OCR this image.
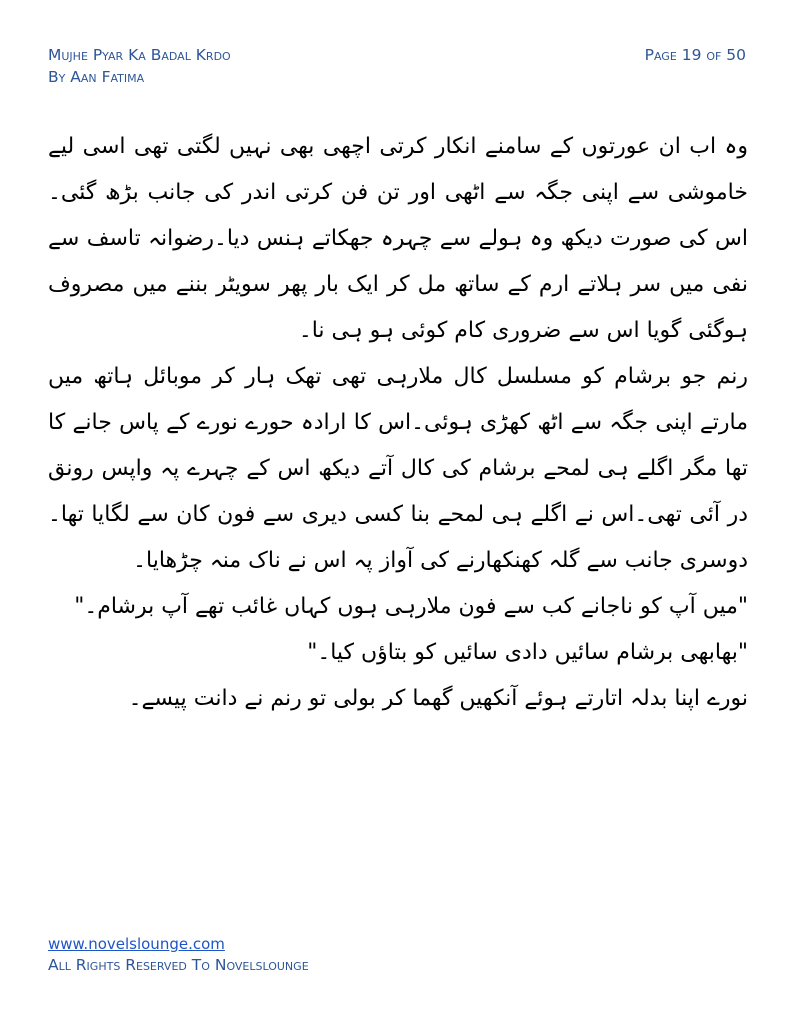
Mujhe Pyar Ka Badal Krdo
By Aan Fatima
Page 19 of 50

وہ اب ان عورتوں کے سامنے انکار کرتی اچھی بھی نہیں لگتی تھی اسی لیے خاموشی سے اپنی جگہ سے اٹھی اور تن فن کرتی اندر کی جانب بڑھ گئی۔اس کی صورت دیکھ وہ ہولے سے چہرہ جھکاتے ہنس دیا۔رضوانہ تاسف سے نفی میں سر ہلاتے ارم کے ساتھ مل کر ایک بار پھر سویٹر بننے میں مصروف ہوگئی گویا اس سے ضروری کام کوئی ہو ہی نا۔

رنم جو برشام کو مسلسل کال ملارہی تھی تھک ہار کر موبائل ہاتھ میں مارتے اپنی جگہ سے اٹھ کھڑی ہوئی۔اس کا ارادہ حورے نورے کے پاس جانے کا تھا مگر اگلے ہی لمحے برشام کی کال آتے دیکھ اس کے چہرے پہ واپس رونق در آئی تھی۔اس نے اگلے ہی لمحے بنا کسی دیری سے فون کان سے لگایا تھا۔دوسری جانب سے گلہ کھنکھارنے کی آواز پہ اس نے ناک منہ چڑھایا۔

"میں آپ کو ناجانے کب سے فون ملارہی ہوں کہاں غائب تھے آپ برشام۔"

"بھابھی برشام سائیں دادی سائیں کو بتاؤں کیا۔"

نورے اپنا بدلہ اتارتے ہوئے آنکھیں گھما کر بولی تو رنم نے دانت پیسے۔

www.novelslounge.com
All Rights Reserved To Novelslounge
